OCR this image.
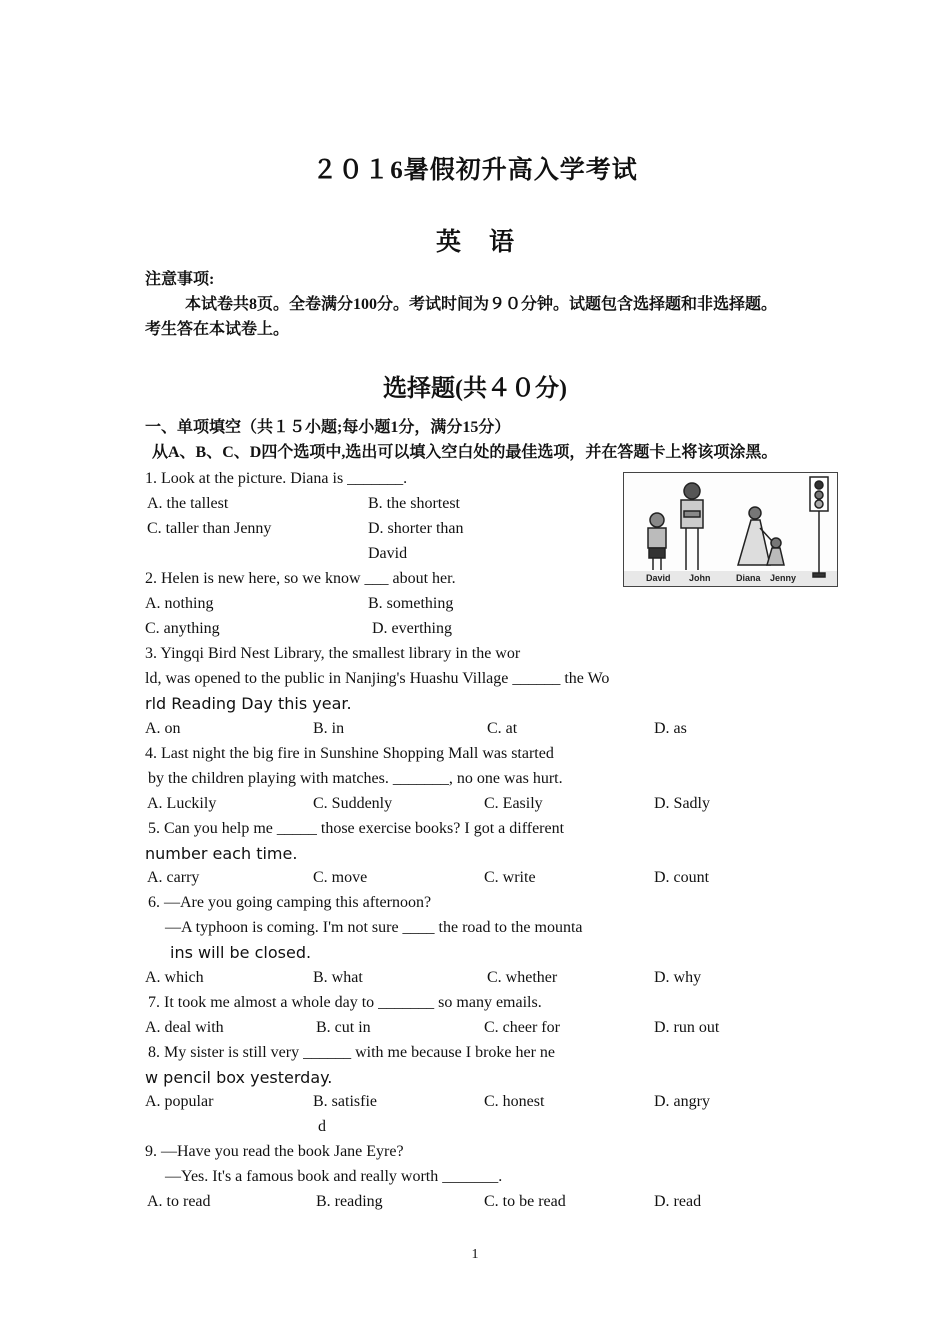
２０１6暑假初升高入学考试
英语
注意事项:
本试卷共8页。全卷满分100分。考试时间为９０分钟。试题包含选择题和非选择题。
考生答在本试卷上。
选择题(共４０分)
一、单项填空（共１５小题;每小题1分，满分15分）
从A、B、C、D四个选项中,选出可以填入空白处的最佳选项，并在答题卡上将该项涂黑。
David John	Diana Jenny
1. Look at the picture. Diana is _______.
A. the tallest	B. the shortest
C. taller than Jenny	D. shorter than
David
2. Helen is new here, so we know ___ about her.
A. nothing	B. something
C. anything	D. everthing
3. Yingqi Bird Nest Library, the smallest library in the wor
ld, was opened to the public in Nanjing's Huashu Village ______ the Wo
rld Reading Day this year.
A. on	B. in	C. at	D. as
4. Last night the big fire in Sunshine Shopping Mall was started
by the children playing with matches. _______, no one was hurt.
A. Luckily	C. Suddenly	C. Easily	D. Sadly
5. Can you help me _____ those exercise books? I got a different
number each time.
A. carry	C. move	C. write	D. count
6. —Are you going camping this afternoon?
—A typhoon is coming. I'm not sure ____ the road to the mounta
ins will be closed.
A. which	B. what	C. whether	D. why
7. It took me almost a whole day to _______ so many emails.
A. deal with	B. cut in	C. cheer for	D. run out
8. My sister is still very ______ with me because I broke her ne
w pencil box yesterday.
A. popular	B. satisfie
d
C. honest	D. angry
9. —Have you read the book Jane Eyre?
—Yes. It's a famous book and really worth _______.
A. to read	B. reading	C. to be read	D. read
1
